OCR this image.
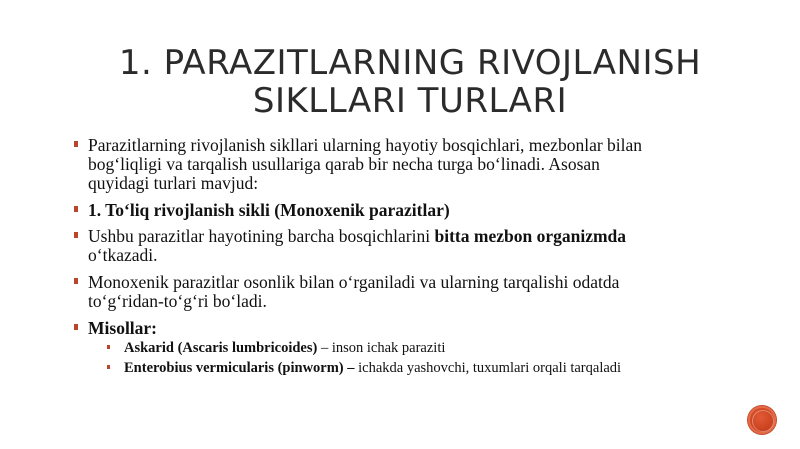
1. PARAZITLARNING RIVOJLANISH
SIKLLARI TURLARI
Parazitlarning rivojlanish sikllari ularning hayotiy bosqichlari, mezbonlar bilan
bog‘liqligi va tarqalish usullariga qarab bir necha turga bo‘linadi. Asosan
quyidagi turlari mavjud:
1. To‘liq rivojlanish sikli (Monoxenik parazitlar)
Ushbu parazitlar hayotining barcha bosqichlarini bitta mezbon organizmda
o‘tkazadi.
Monoxenik parazitlar osonlik bilan o‘rganiladi va ularning tarqalishi odatda
to‘g‘ridan-to‘g‘ri bo‘ladi.
Misollar:
Askarid (Ascaris lumbricoides) – inson ichak paraziti
Enterobius vermicularis (pinworm) – ichakda yashovchi, tuxumlari orqali tarqaladi
